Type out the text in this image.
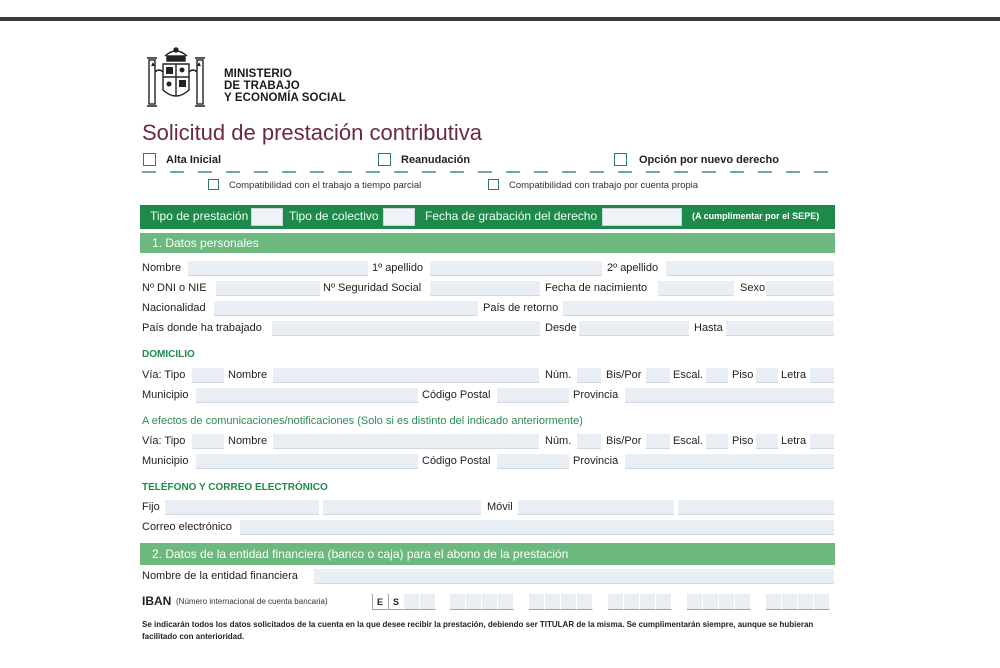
MINISTERIO
DE TRABAJO
Y ECONOMÍA SOCIAL
Solicitud de prestación contributiva
Alta Inicial	Reanudación	Opción por nuevo derecho
Compatibilidad con el trabajo a tiempo parcial	Compatibilidad con trabajo por cuenta propia
Tipo de prestación	Tipo de colectivo	Fecha de grabación del derecho	(A cumplimentar por el SEPE)
1. Datos personales
Nombre	1º apellido	2º apellido
Nº DNI o NIE	Nº Seguridad Social	Fecha de nacimiento	Sexo
Nacionalidad	País de retorno
País donde ha trabajado	Desde	Hasta
DOMICILIO
Vía: Tipo	Nombre	Núm.	Bis/Por	Escal.	Piso	Letra
Municipio	Código Postal	Provincia
A efectos de comunicaciones/notificaciones (Solo si es distinto del indicado anteriormente)
Vía: Tipo	Nombre	Núm.	Bis/Por	Escal.	Piso	Letra
Municipio	Código Postal	Provincia
TELÉFONO Y CORREO ELECTRÓNICO
Fijo	Móvil
Correo electrónico
2. Datos de la entidad financiera (banco o caja) para el abono de la prestación
Nombre de la entidad financiera
IBAN (Número internacional de cuenta bancaria)	E	S
Se indicarán todos los datos solicitados de la cuenta en la que desee recibir la prestación, debiendo ser TITULAR de la misma. Se cumplimentarán siempre, aunque se hubieran facilitado con anterioridad.
